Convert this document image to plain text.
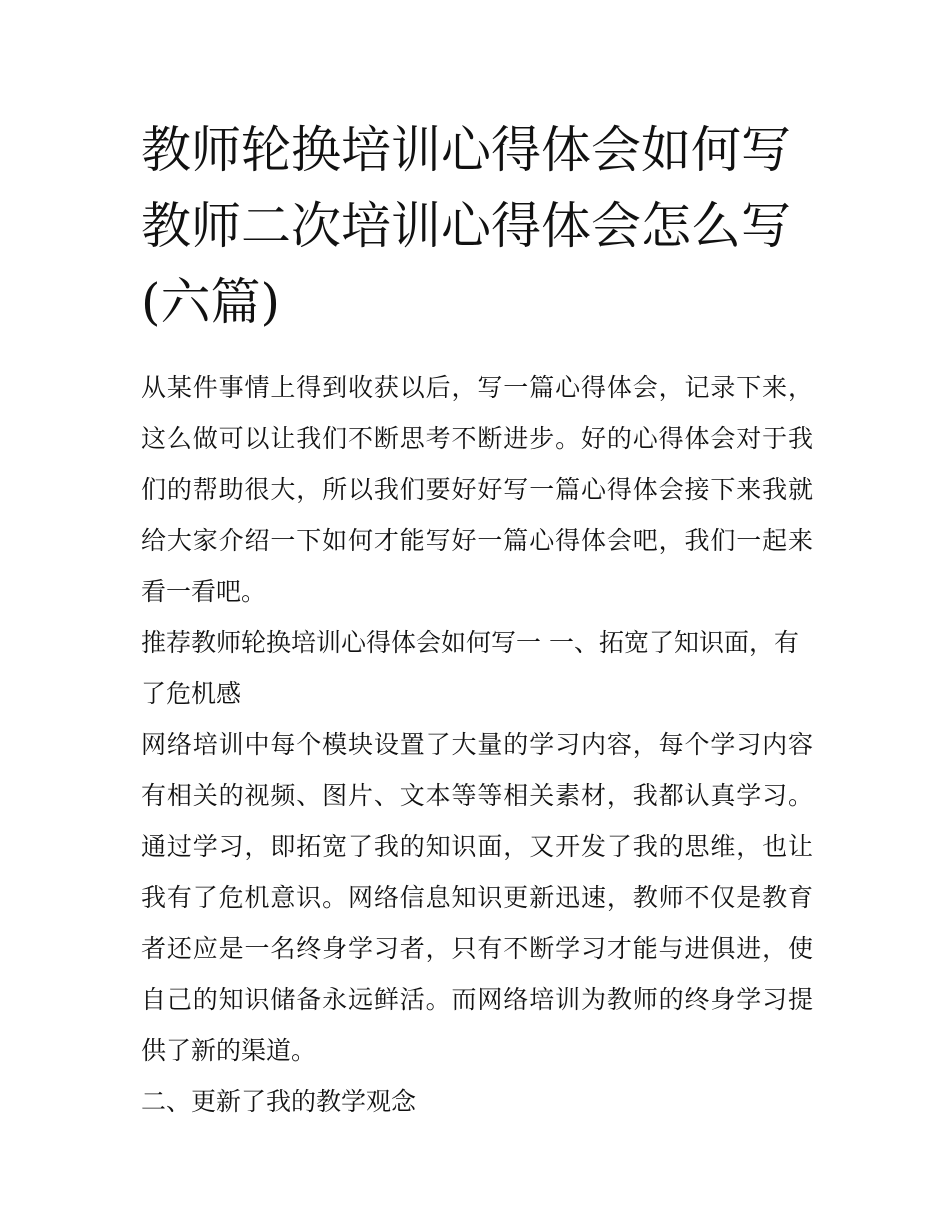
教师轮换培训心得体会如何写
教师二次培训心得体会怎么写
(六篇)

从某件事情上得到收获以后，写一篇心得体会，记录下来，这么做可以让我们不断思考不断进步。好的心得体会对于我们的帮助很大，所以我们要好好写一篇心得体会接下来我就给大家介绍一下如何才能写好一篇心得体会吧，我们一起来看一看吧。

推荐教师轮换培训心得体会如何写一 一、拓宽了知识面，有了危机感

网络培训中每个模块设置了大量的学习内容，每个学习内容有相关的视频、图片、文本等等相关素材，我都认真学习。通过学习，即拓宽了我的知识面，又开发了我的思维，也让我有了危机意识。网络信息知识更新迅速，教师不仅是教育者还应是一名终身学习者，只有不断学习才能与进俱进，使自己的知识储备永远鲜活。而网络培训为教师的终身学习提供了新的渠道。

二、更新了我的教学观念
